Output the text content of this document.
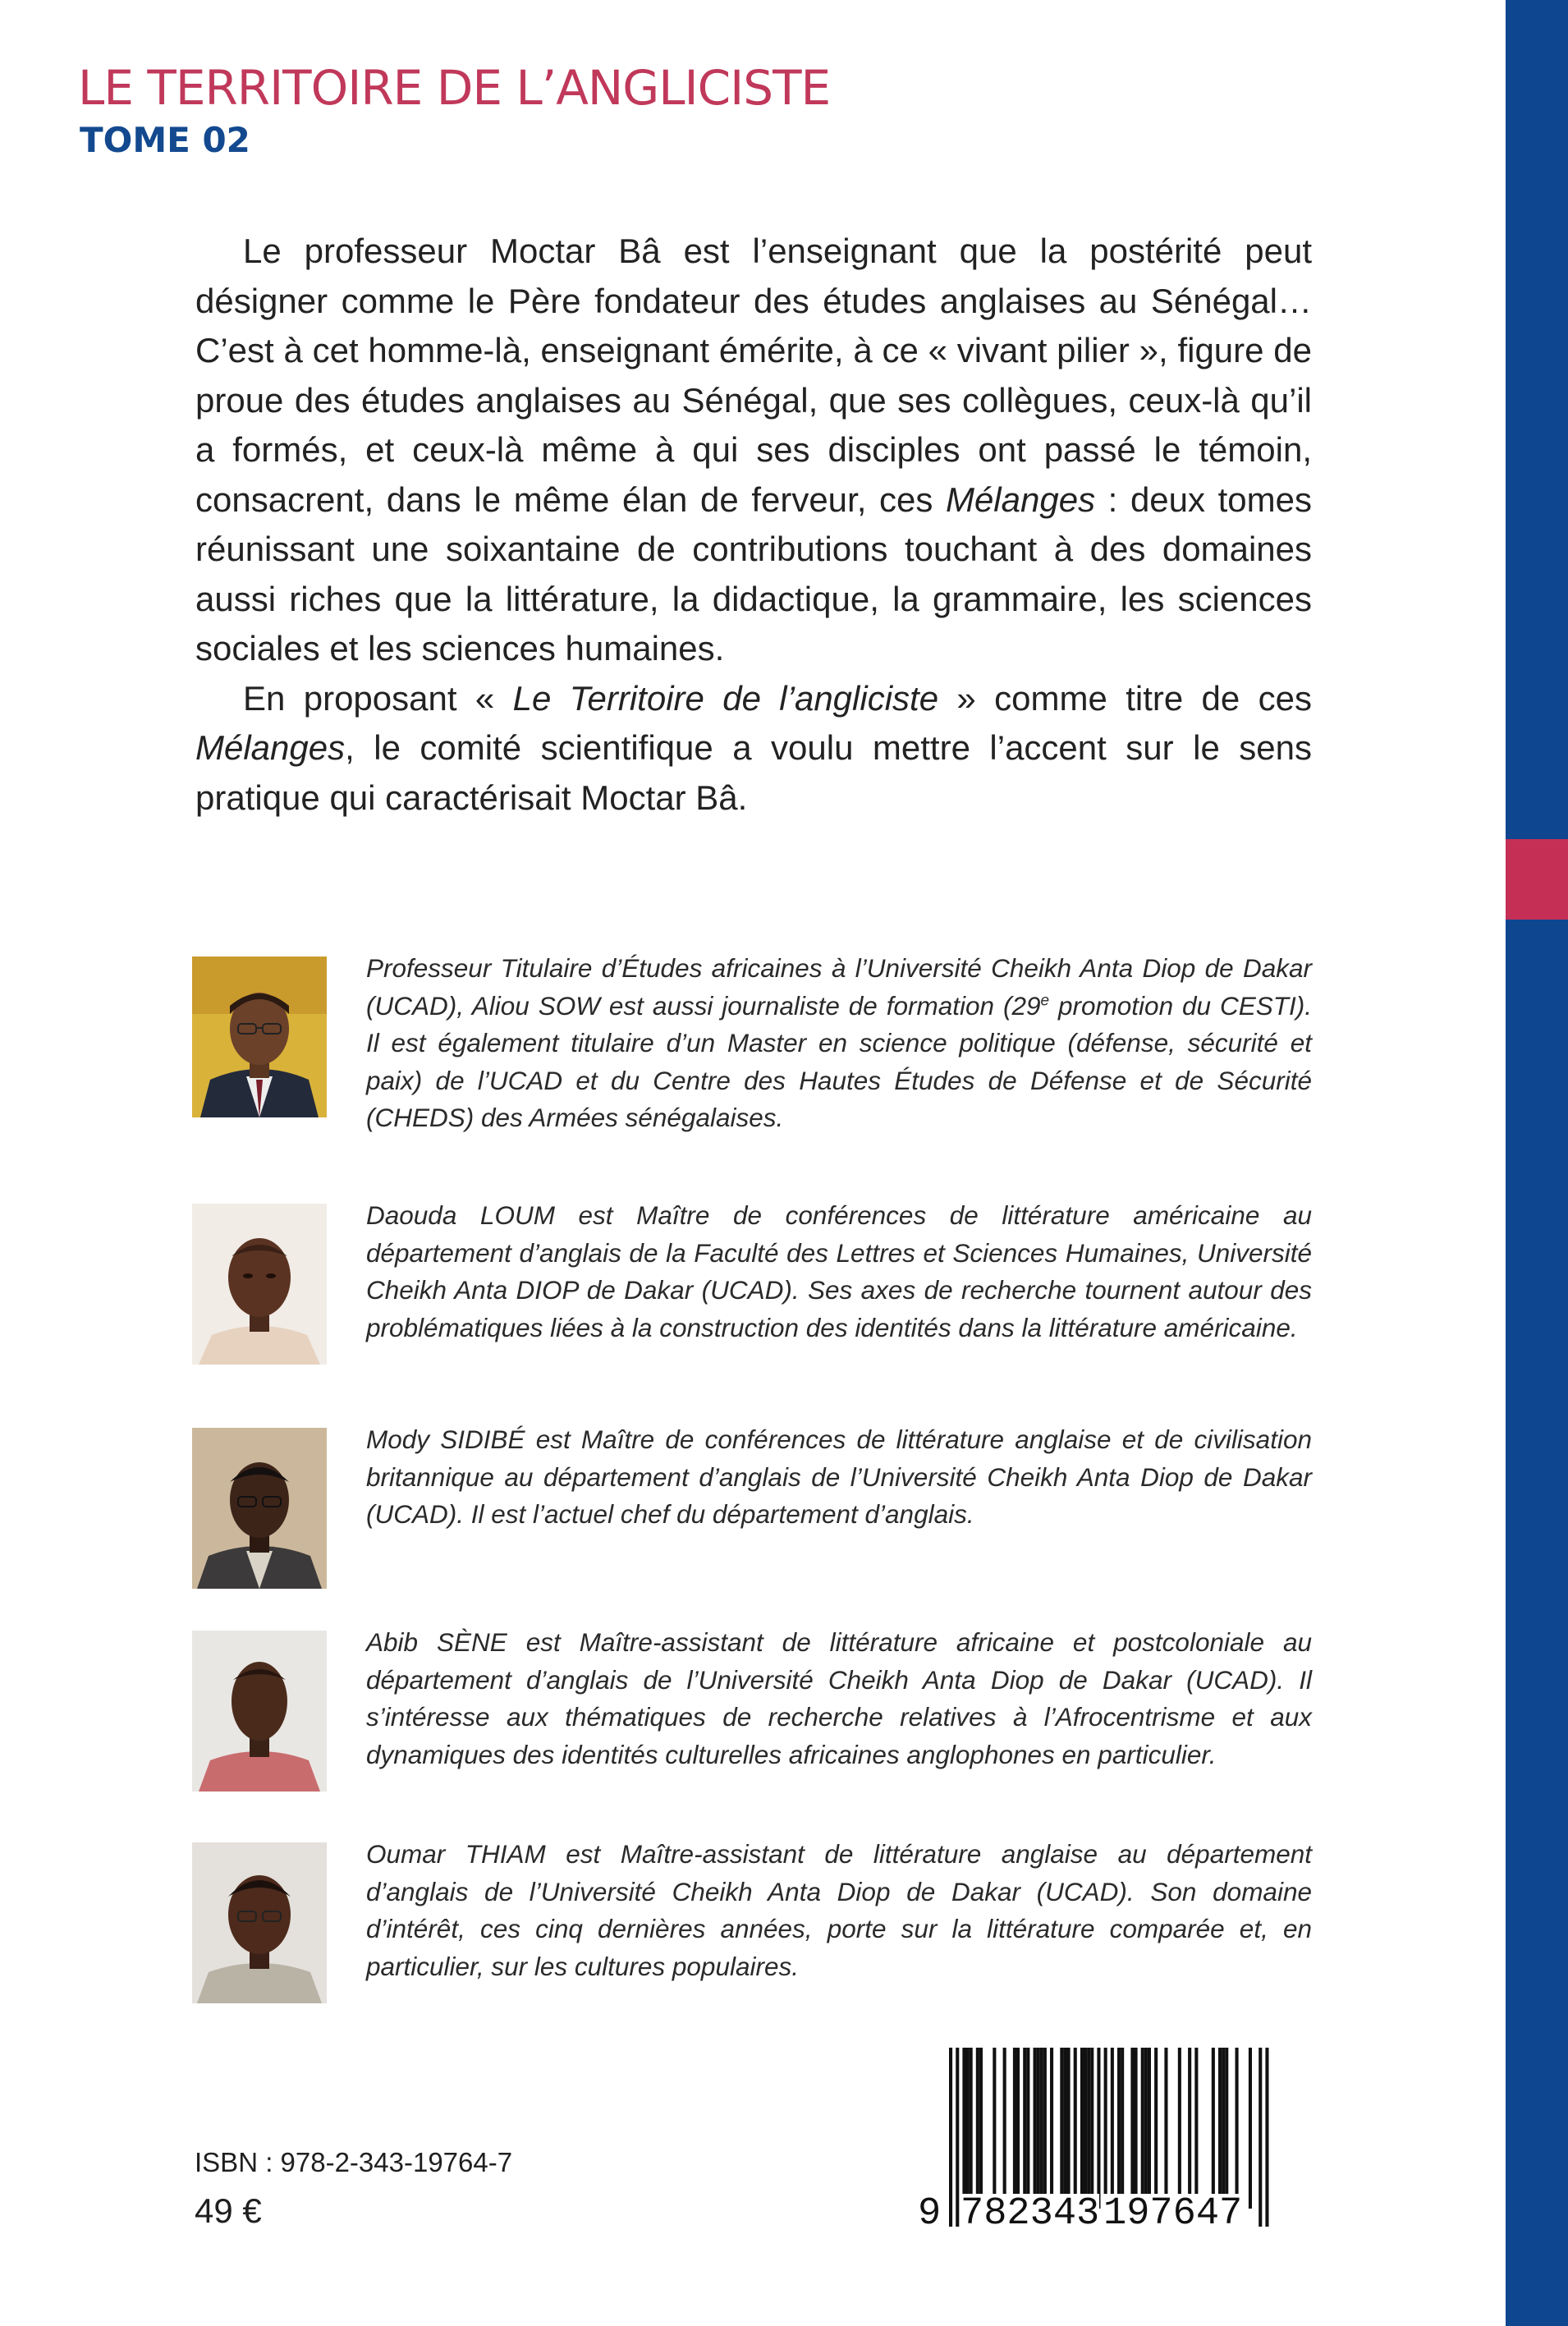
LE TERRITOIRE DE L’ANGLICISTE
TOME 02

Le professeur Moctar Bâ est l’enseignant que la postérité peut désigner comme le Père fondateur des études anglaises au Sénégal… C’est à cet homme-là, enseignant émérite, à ce « vivant pilier », figure de proue des études anglaises au Sénégal, que ses collègues, ceux-là qu’il a formés, et ceux-là même à qui ses disciples ont passé le témoin, consacrent, dans le même élan de ferveur, ces Mélanges : deux tomes réunissant une soixantaine de contributions touchant à des domaines aussi riches que la littérature, la didactique, la grammaire, les sciences sociales et les sciences humaines.

En proposant « Le Territoire de l’angliciste » comme titre de ces Mélanges, le comité scientifique a voulu mettre l’accent sur le sens pratique qui caractérisait Moctar Bâ.

Professeur Titulaire d’Études africaines à l’Université Cheikh Anta Diop de Dakar (UCAD), Aliou SOW est aussi journaliste de formation (29e promotion du CESTI). Il est également titulaire d’un Master en science politique (défense, sécurité et paix) de l’UCAD et du Centre des Hautes Études de Défense et de Sécurité (CHEDS) des Armées sénégalaises.

Daouda LOUM est Maître de conférences de littérature américaine au département d’anglais de la Faculté des Lettres et Sciences Humaines, Université Cheikh Anta DIOP de Dakar (UCAD). Ses axes de recherche tournent autour des problématiques liées à la construction des identités dans la littérature américaine.

Mody SIDIBÉ est Maître de conférences de littérature anglaise et de civilisation britannique au département d’anglais de l’Université Cheikh Anta Diop de Dakar (UCAD). Il est l’actuel chef du département d’anglais.

Abib SÈNE est Maître-assistant de littérature africaine et postcoloniale au département d’anglais de l’Université Cheikh Anta Diop de Dakar (UCAD). Il s’intéresse aux thématiques de recherche relatives à l’Afrocentrisme et aux dynamiques des identités culturelles africaines anglophones en particulier.

Oumar THIAM est Maître-assistant de littérature anglaise au département d’anglais de l’Université Cheikh Anta Diop de Dakar (UCAD). Son domaine d’intérêt, ces cinq dernières années, porte sur la littérature comparée et, en particulier, sur les cultures populaires.

ISBN : 978-2-343-19764-7
49 €	9 782343 197647
